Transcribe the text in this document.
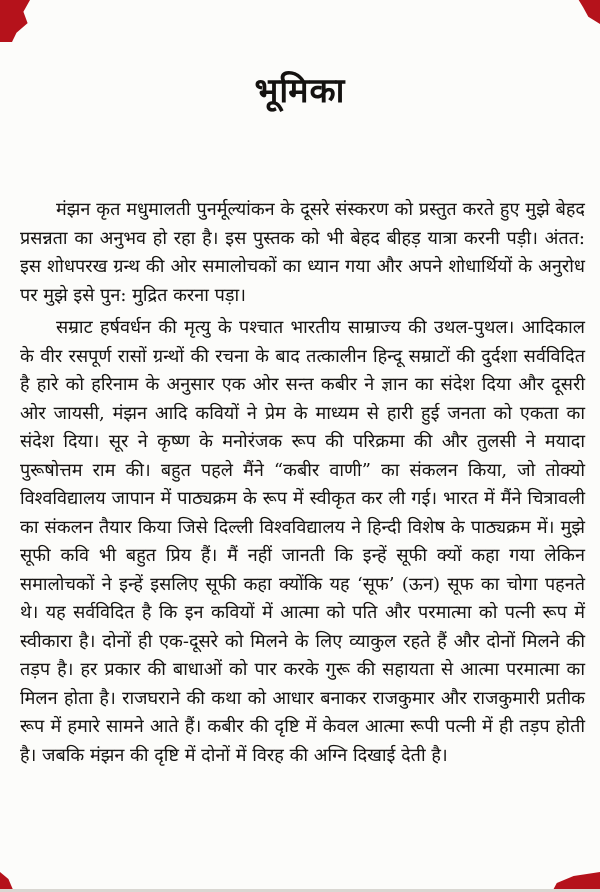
भूमिका

मंझन कृत मधुमालती पुनर्मूल्यांकन के दूसरे संस्करण को प्रस्तुत करते हुए मुझे बेहद प्रसन्नता का अनुभव हो रहा है। इस पुस्तक को भी बेहद बीहड़ यात्रा करनी पड़ी। अंतत: इस शोधपरख ग्रन्थ की ओर समालोचकों का ध्यान गया और अपने शोधार्थियों के अनुरोध पर मुझे इसे पुन: मुद्रित करना पड़ा।

सम्राट हर्षवर्धन की मृत्यु के पश्चात भारतीय साम्राज्य की उथल-पुथल। आदिकाल के वीर रसपूर्ण रासों ग्रन्थों की रचना के बाद तत्कालीन हिन्दू सम्राटों की दुर्दशा सर्वविदित है हारे को हरिनाम के अनुसार एक ओर सन्त कबीर ने ज्ञान का संदेश दिया और दूसरी ओर जायसी, मंझन आदि कवियों ने प्रेम के माध्यम से हारी हुई जनता को एकता का संदेश दिया। सूर ने कृष्ण के मनोरंजक रूप की परिक्रमा की और तुलसी ने मयादा पुरूषोत्तम राम की। बहुत पहले मैंने “कबीर वाणी” का संकलन किया, जो तोक्यो विश्वविद्यालय जापान में पाठ्यक्रम के रूप में स्वीकृत कर ली गई। भारत में मैंने चित्रावली का संकलन तैयार किया जिसे दिल्ली विश्वविद्यालय ने हिन्दी विशेष के पाठ्यक्रम में। मुझे सूफी कवि भी बहुत प्रिय हैं। मैं नहीं जानती कि इन्हें सूफी क्यों कहा गया लेकिन समालोचकों ने इन्हें इसलिए सूफी कहा क्योंकि यह ‘सूफ’ (ऊन) सूफ का चोगा पहनते थे। यह सर्वविदित है कि इन कवियों में आत्मा को पति और परमात्मा को पत्नी रूप में स्वीकारा है। दोनों ही एक-दूसरे को मिलने के लिए व्याकुल रहते हैं और दोनों मिलने की तड़प है। हर प्रकार की बाधाओं को पार करके गुरू की सहायता से आत्मा परमात्मा का मिलन होता है। राजघराने की कथा को आधार बनाकर राजकुमार और राजकुमारी प्रतीक रूप में हमारे सामने आते हैं। कबीर की दृष्टि में केवल आत्मा रूपी पत्नी में ही तड़प होती है। जबकि मंझन की दृष्टि में दोनों में विरह की अग्नि दिखाई देती है।
